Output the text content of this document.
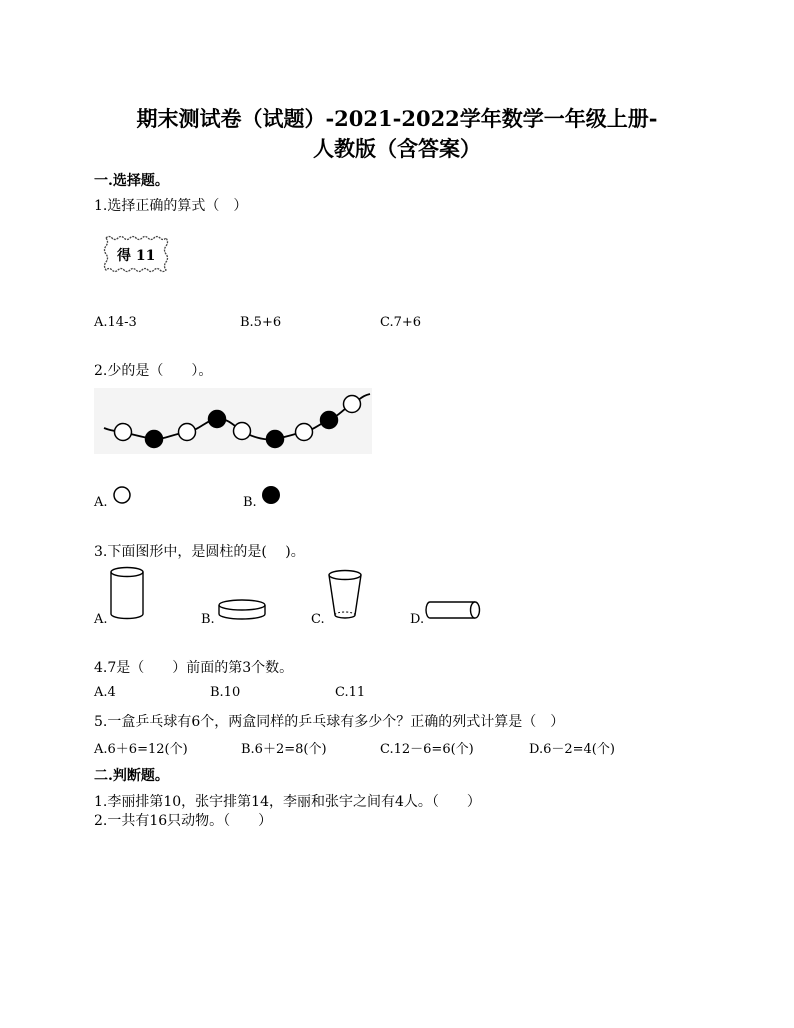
期末测试卷（试题）-2021-2022学年数学一年级上册-
人教版（含答案）
一.选择题。
1.选择正确的算式（　）
得 11
A.14-3	B.5+6	C.7+6
2.少的是（　　）。
A.	B.
3.下面图形中，是圆柱的是(　 )。
A.	B.	C.	D.
4.7是（　　）前面的第3个数。
A.4	B.10	C.11
5.一盒乒乓球有6个，两盒同样的乒乓球有多少个？正确的列式计算是（　）
A.6＋6=12(个)	B.6＋2=8(个)	C.12－6=6(个)	D.6－2=4(个)
二.判断题。
1.李丽排第10，张宇排第14，李丽和张宇之间有4人。（　　）
2.一共有16只动物。（　　）
